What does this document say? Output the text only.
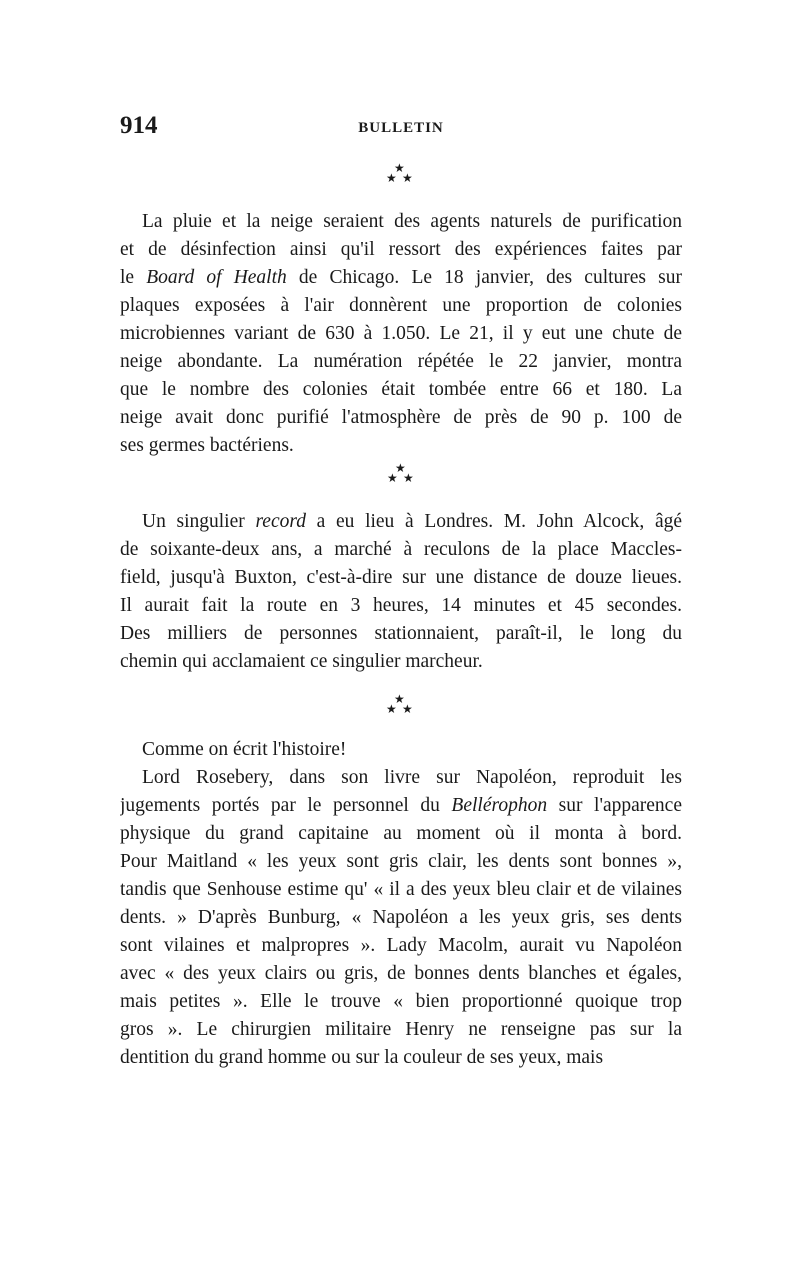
914	BULLETIN
★
★ ★
La pluie et la neige seraient des agents naturels de purification
et de désinfection ainsi qu'il ressort des expériences faites par
le Board of Health de Chicago. Le 18 janvier, des cultures sur
plaques exposées à l'air donnèrent une proportion de colonies
microbiennes variant de 630 à 1.050. Le 21, il y eut une chute de
neige abondante. La numération répétée le 22 janvier, montra
que le nombre des colonies était tombée entre 66 et 180. La
neige avait donc purifié l'atmosphère de près de 90 p. 100 de
ses germes bactériens.
★
★ ★
Un singulier record a eu lieu à Londres. M. John Alcock, âgé
de soixante-deux ans, a marché à reculons de la place Maccles-
field, jusqu'à Buxton, c'est-à-dire sur une distance de douze lieues.
Il aurait fait la route en 3 heures, 14 minutes et 45 secondes.
Des milliers de personnes stationnaient, paraît-il, le long du
chemin qui acclamaient ce singulier marcheur.
★
★ ★
Comme on écrit l'histoire!
Lord Rosebery, dans son livre sur Napoléon, reproduit les
jugements portés par le personnel du Bellérophon sur l'apparence
physique du grand capitaine au moment où il monta à bord.
Pour Maitland « les yeux sont gris clair, les dents sont bonnes »,
tandis que Senhouse estime qu' « il a des yeux bleu clair et de vilaines
dents. » D'après Bunburg, « Napoléon a les yeux gris, ses dents
sont vilaines et malpropres ». Lady Macolm, aurait vu Napoléon
avec « des yeux clairs ou gris, de bonnes dents blanches et égales,
mais petites ». Elle le trouve « bien proportionné quoique trop
gros ». Le chirurgien militaire Henry ne renseigne pas sur la
dentition du grand homme ou sur la couleur de ses yeux, mais
